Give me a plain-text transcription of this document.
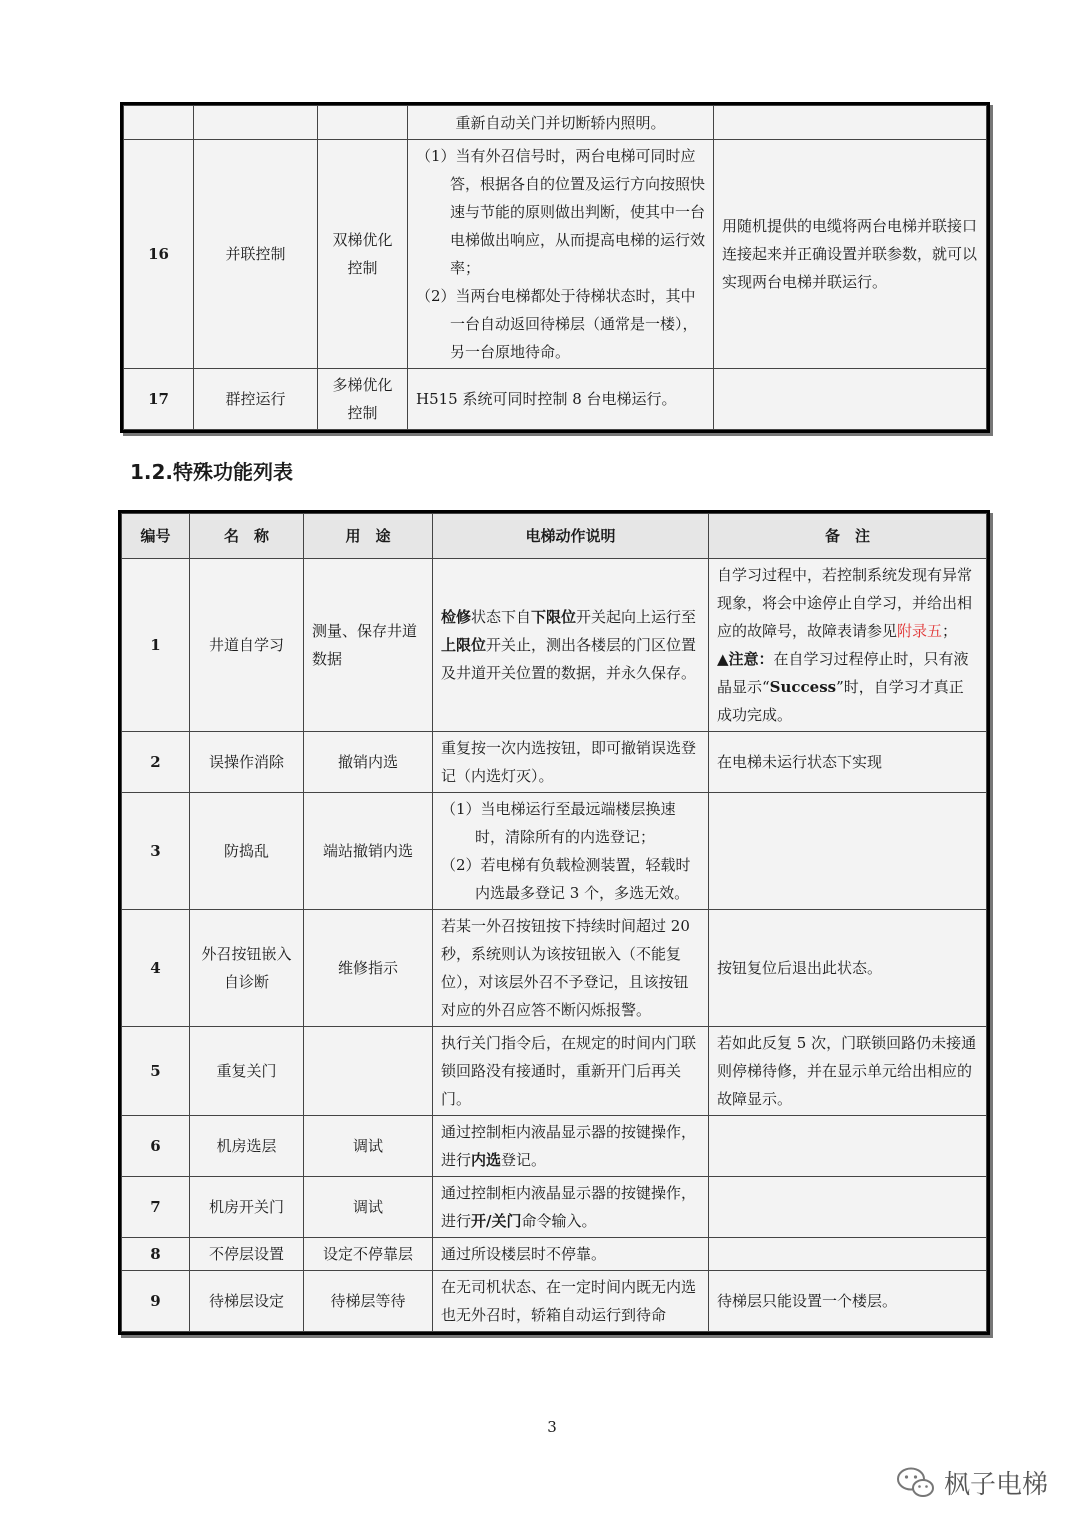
			重新自动关门并切断轿内照明。	
16	并联控制	双梯优化控制	（1）当有外召信号时，两台电梯可同时应答，根据各自的位置及运行方向按照快速与节能的原则做出判断，使其中一台电梯做出响应，从而提高电梯的运行效率；
（2）当两台电梯都处于待梯状态时，其中一台自动返回待梯层（通常是一楼），另一台原地待命。	用随机提供的电缆将两台电梯并联接口连接起来并正确设置并联参数，就可以实现两台电梯并联运行。
17	群控运行	多梯优化控制	H515 系统可同时控制 8 台电梯运行。	
1.2.特殊功能列表
编号	名　称	用　途	电梯动作说明	备　注
1	井道自学习	测量、保存井道数据	检修状态下自下限位开关起向上运行至上限位开关止，测出各楼层的门区位置及井道开关位置的数据，并永久保存。	自学习过程中，若控制系统发现有异常现象，将会中途停止自学习，并给出相应的故障号，故障表请参见附录五；
▲注意：在自学习过程停止时，只有液晶显示“Success”时，自学习才真正成功完成。
2	误操作消除	撤销内选	重复按一次内选按钮，即可撤销误选登记（内选灯灭）。	在电梯未运行状态下实现
3	防捣乱	端站撤销内选	（1）当电梯运行至最远端楼层换速时，清除所有的内选登记；
（2）若电梯有负载检测装置，轻载时内选最多登记 3 个，多选无效。	

4	外召按钮嵌入自诊断	维修指示	若某一外召按钮按下持续时间超过 20 秒，系统则认为该按钮嵌入（不能复位），对该层外召不予登记，且该按钮对应的外召应答不断闪烁报警。	按钮复位后退出此状态。
5	重复关门		执行关门指令后，在规定的时间内门联锁回路没有接通时，重新开门后再关门。	若如此反复 5 次，门联锁回路仍未接通则停梯待修，并在显示单元给出相应的故障显示。
6	机房选层	调试	通过控制柜内液晶显示器的按键操作，进行内选登记。	
7	机房开关门	调试	通过控制柜内液晶显示器的按键操作，进行开/关门命令输入。	
8	不停层设置	设定不停靠层	通过所设楼层时不停靠。	
9	待梯层设定	待梯层等待	在无司机状态、在一定时间内既无内选也无外召时，轿箱自动运行到待命	待梯层只能设置一个楼层。
3
枫子电梯
